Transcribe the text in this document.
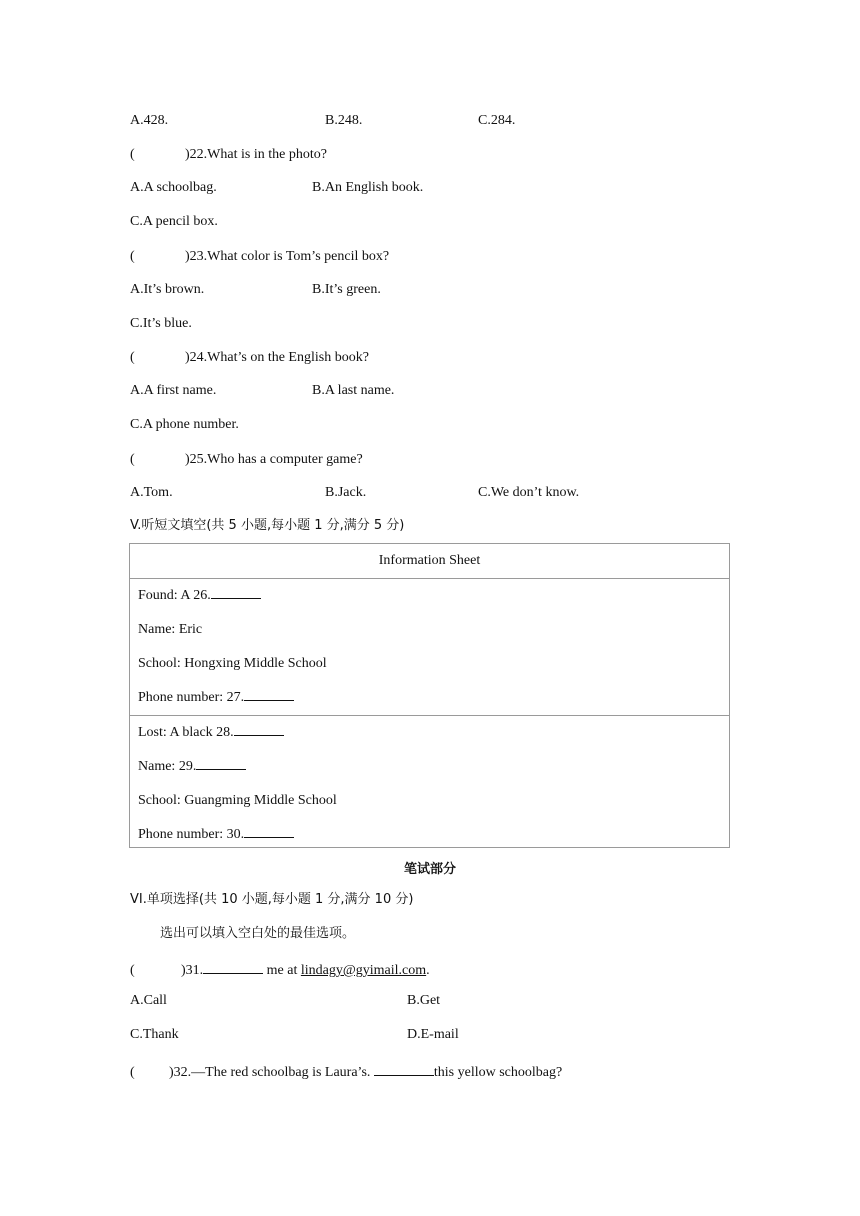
A.428.	B.248.	C.284.
(	)22.What is in the photo?
A.A schoolbag.	B.An English book.
C.A pencil box.
(	)23.What color is Tom’s pencil box?
A.It’s brown.	B.It’s green.
C.It’s blue.
(	)24.What’s on the English book?
A.A first name.	B.A last name.
C.A phone number.
(	)25.Who has a computer game?
A.Tom.	B.Jack.	C.We don’t know.
V.听短文填空(共 5 小题,每小题 1 分,满分 5 分)
Information Sheet
Found: A 26.
Name: Eric
School: Hongxing Middle School
Phone number: 27.
Lost: A black 28.
Name: 29.
School: Guangming Middle School
Phone number: 30.
笔试部分
VI.单项选择(共 10 小题,每小题 1 分,满分 10 分)
选出可以填入空白处的最佳选项。
(	)31.	me at lindagy@gyimail.com.
A.Call	B.Get
C.Thank	D.E-mail
( )32.—The red schoolbag is Laura’s.	this yellow schoolbag?
